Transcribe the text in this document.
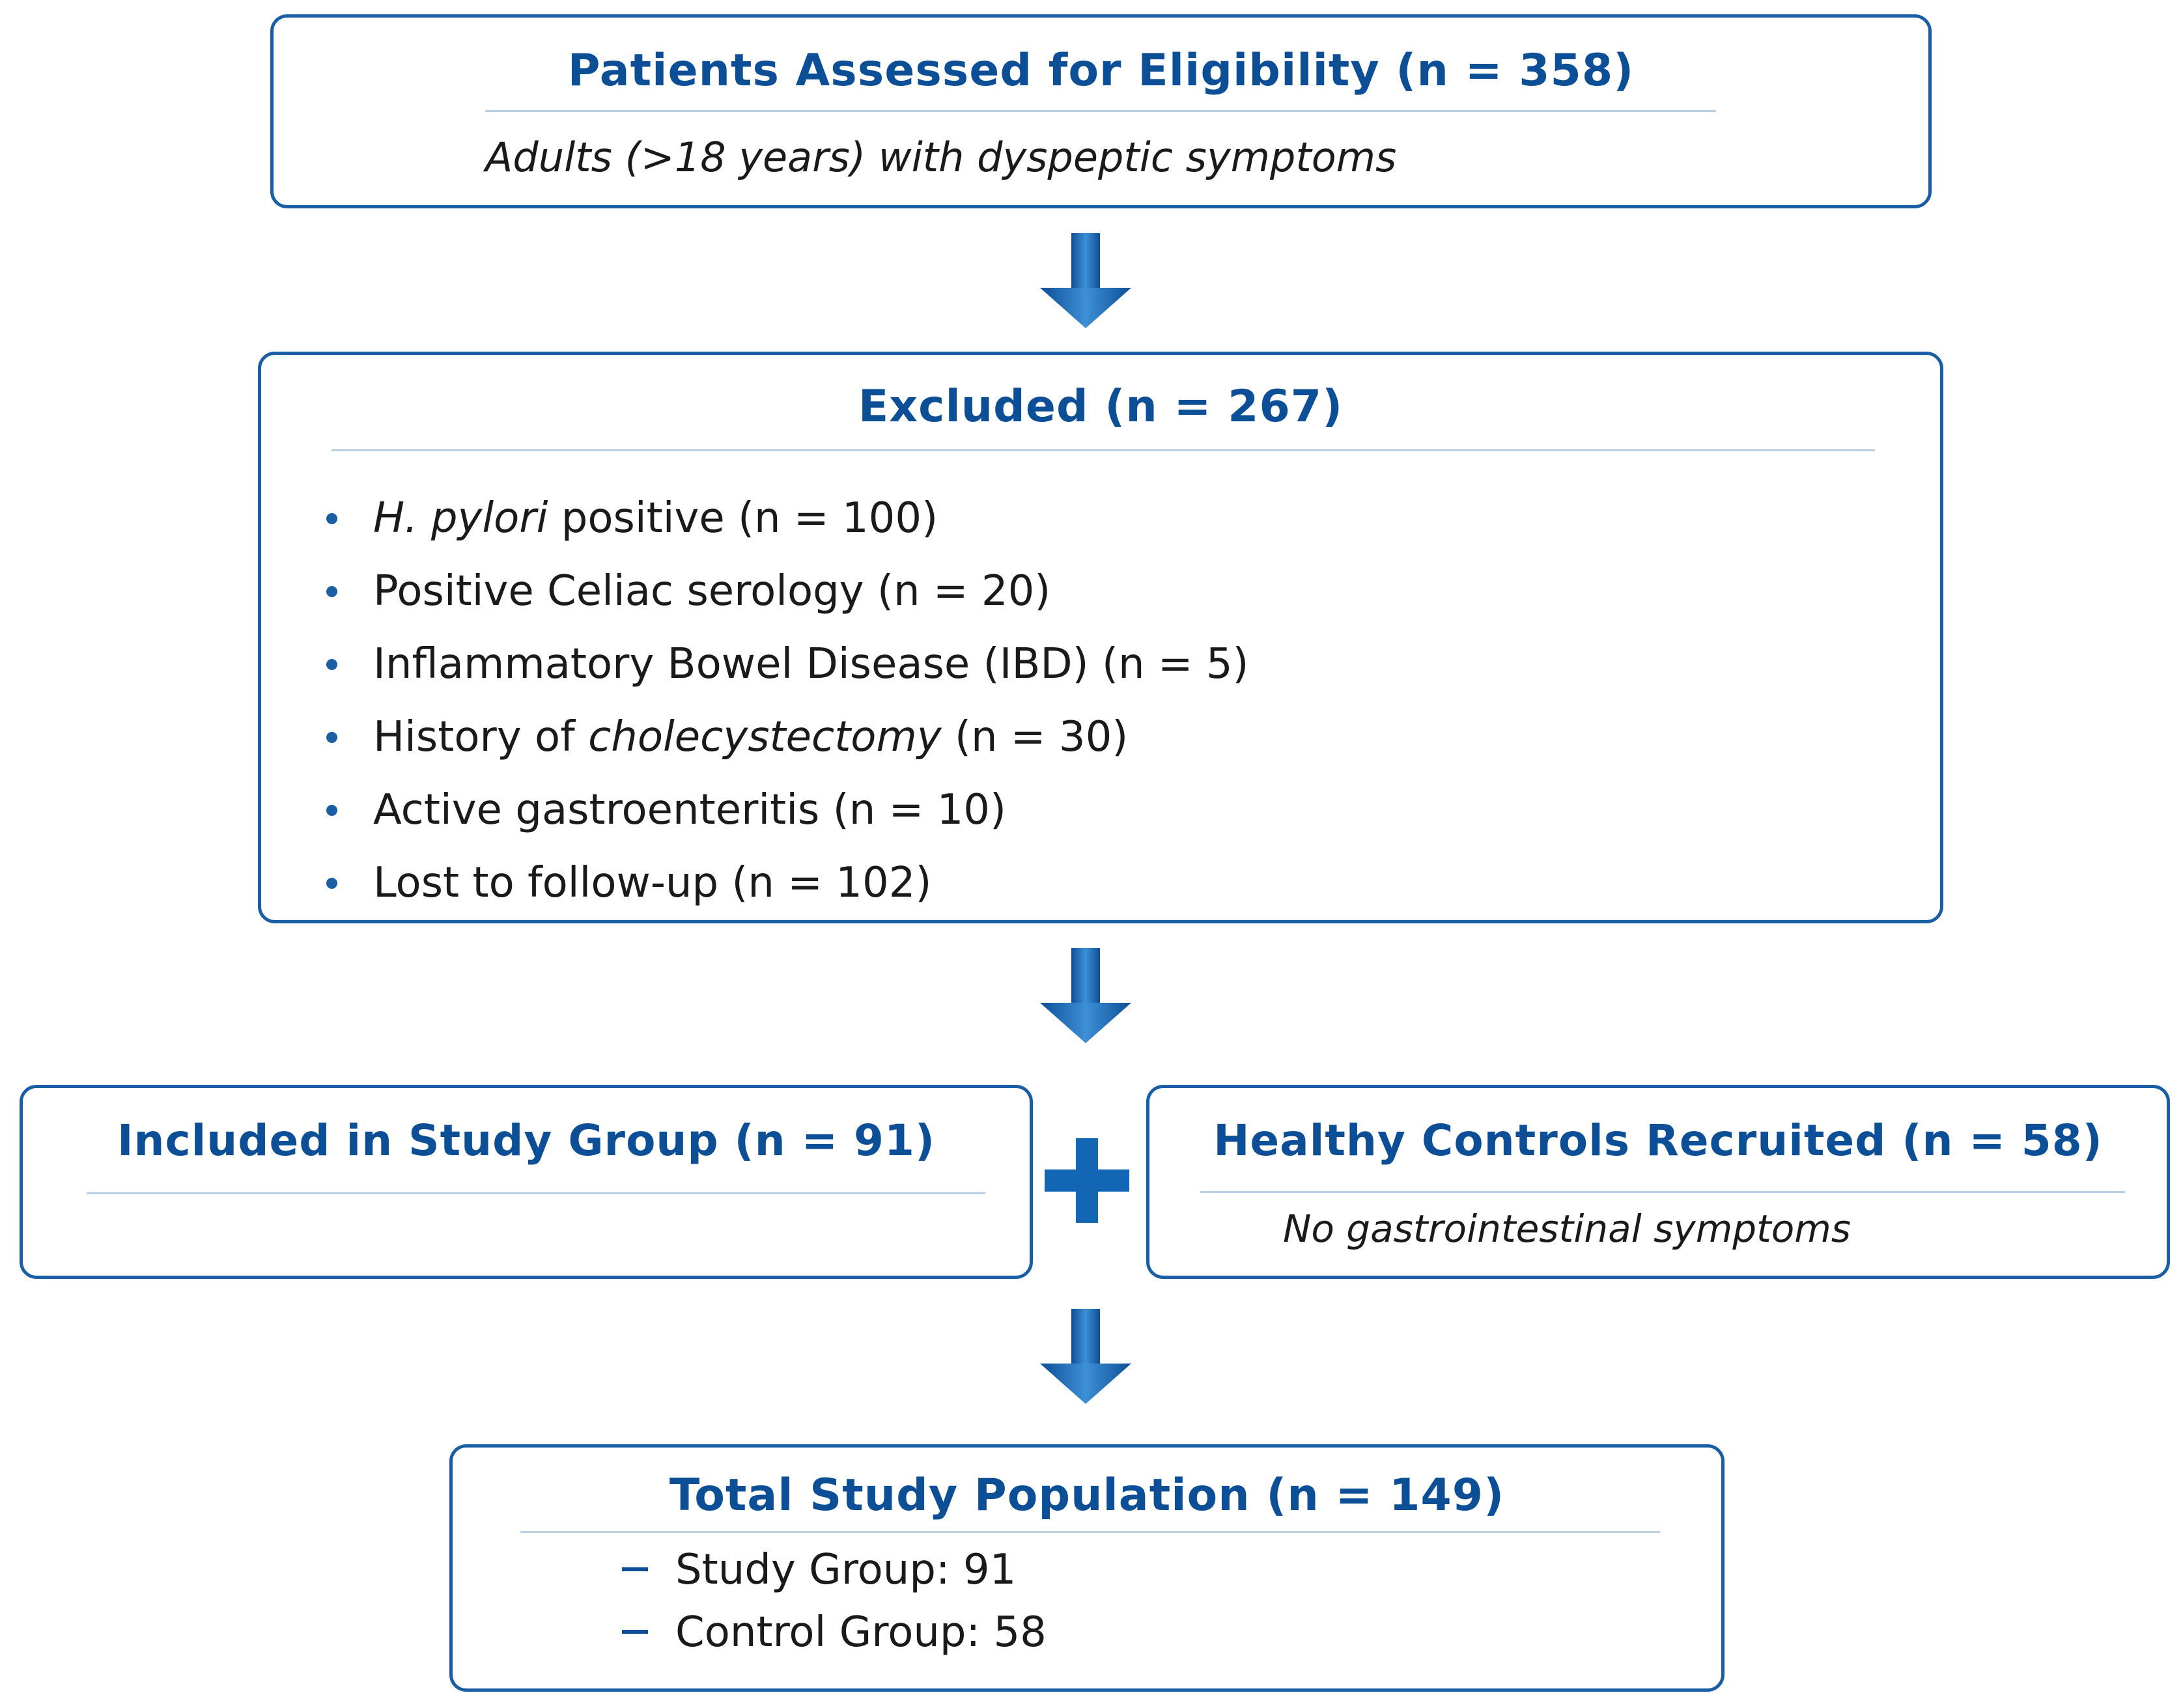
Patients Assessed for Eligibility (n = 358)
Adults (>18 years) with dyspeptic symptoms
Excluded (n = 267)
H. pylori positive (n = 100)
Positive Celiac serology (n = 20)
Inflammatory Bowel Disease (IBD) (n = 5)
History of cholecystectomy (n = 30)
Active gastroenteritis (n = 10)
Lost to follow-up (n = 102)
Included in Study Group (n = 91)	Healthy Controls Recruited (n = 58)
No gastrointestinal symptoms
Total Study Population (n = 149)
Study Group: 91
Control Group: 58
